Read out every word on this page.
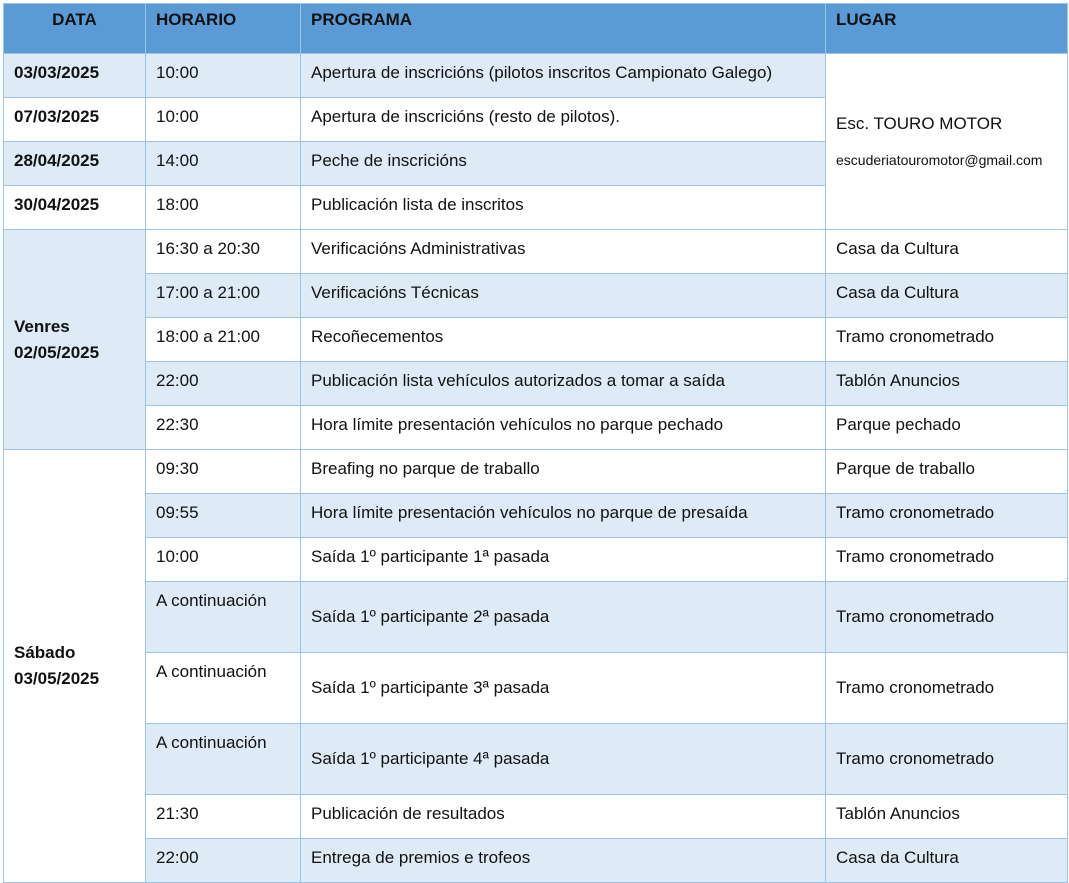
DATA	HORARIO	PROGRAMA	LUGAR
03/03/2025	10:00	Apertura de inscricións (pilotos inscritos Campionato Galego)	Esc. TOURO MOTOR
escuderiatouromotor@gmail.com

07/03/2025	10:00	Apertura de inscricións (resto de pilotos).	
28/04/2025	14:00	Peche de inscricións	
30/04/2025	18:00	Publicación lista de inscritos	

Venres
02/05/2025	16:30 a 20:30	Verificacións Administrativas	Casa da Cultura
	17:00 a 21:00	Verificacións Técnicas	Casa da Cultura
	18:00 a 21:00	Recoñecementos	Tramo cronometrado
	22:00	Publicación lista vehículos autorizados a tomar a saída	Tablón Anuncios
	22:30	Hora límite presentación vehículos no parque pechado	Parque pechado

Sábado
03/05/2025	09:30	Breafing no parque de traballo	Parque de traballo
	09:55	Hora límite presentación vehículos no parque de presaída	Tramo cronometrado
	10:00	Saída 1º participante 1ª pasada	Tramo cronometrado
	A continuación	Saída 1º participante 2ª pasada	Tramo cronometrado
	A continuación	Saída 1º participante 3ª pasada	Tramo cronometrado
	A continuación	Saída 1º participante 4ª pasada	Tramo cronometrado
	21:30	Publicación de resultados	Tablón Anuncios
	22:00	Entrega de premios e trofeos	Casa da Cultura
